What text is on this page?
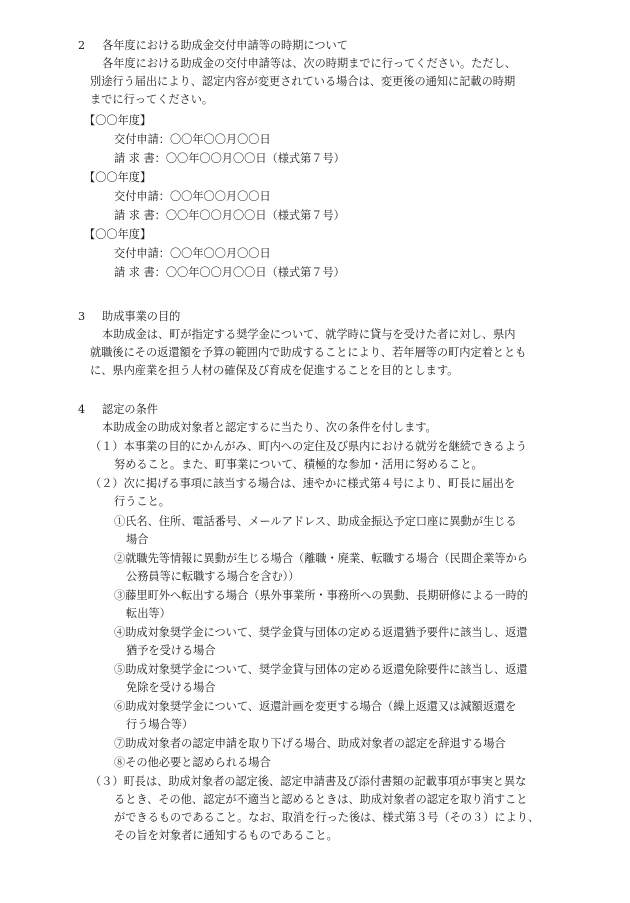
2 各年度における助成金交付申請等の時期について
各年度における助成金の交付申請等は、次の時期までに行ってください。ただし、
別途行う届出により、認定内容が変更されている場合は、変更後の通知に記載の時期
までに行ってください。
【〇〇年度】
交付申請：〇〇年〇〇月〇〇日
請 求 書：〇〇年〇〇月〇〇日（様式第７号）
【〇〇年度】
交付申請：〇〇年〇〇月〇〇日
請 求 書：〇〇年〇〇月〇〇日（様式第７号）
【〇〇年度】
交付申請：〇〇年〇〇月〇〇日
請 求 書：〇〇年〇〇月〇〇日（様式第７号）
3 助成事業の目的
本助成金は、町が指定する奨学金について、就学時に貸与を受けた者に対し、県内
就職後にその返還額を予算の範囲内で助成することにより、若年層等の町内定着ととも
に、県内産業を担う人材の確保及び育成を促進することを目的とします。
4 認定の条件
本助成金の助成対象者と認定するに当たり、次の条件を付します。
（１）本事業の目的にかんがみ、町内への定住及び県内における就労を継続できるよう
努めること。また、町事業について、積極的な参加・活用に努めること。
（２）次に掲げる事項に該当する場合は、速やかに様式第４号により、町長に届出を
行うこと。
①氏名、住所、電話番号、メールアドレス、助成金振込予定口座に異動が生じる
場合
②就職先等情報に異動が生じる場合（離職・廃業、転職する場合（民間企業等から
公務員等に転職する場合を含む））
③藤里町外へ転出する場合（県外事業所・事務所への異動、長期研修による一時的
転出等）
④助成対象奨学金について、奨学金貸与団体の定める返還猶予要件に該当し、返還
猶予を受ける場合
⑤助成対象奨学金について、奨学金貸与団体の定める返還免除要件に該当し、返還
免除を受ける場合
⑥助成対象奨学金について、返還計画を変更する場合（繰上返還又は減額返還を
行う場合等）
⑦助成対象者の認定申請を取り下げる場合、助成対象者の認定を辞退する場合
⑧その他必要と認められる場合
（３）町長は、助成対象者の認定後、認定申請書及び添付書類の記載事項が事実と異な
るとき、その他、認定が不適当と認めるときは、助成対象者の認定を取り消すこと
ができるものであること。なお、取消を行った後は、様式第３号（その３）により、
その旨を対象者に通知するものであること。
